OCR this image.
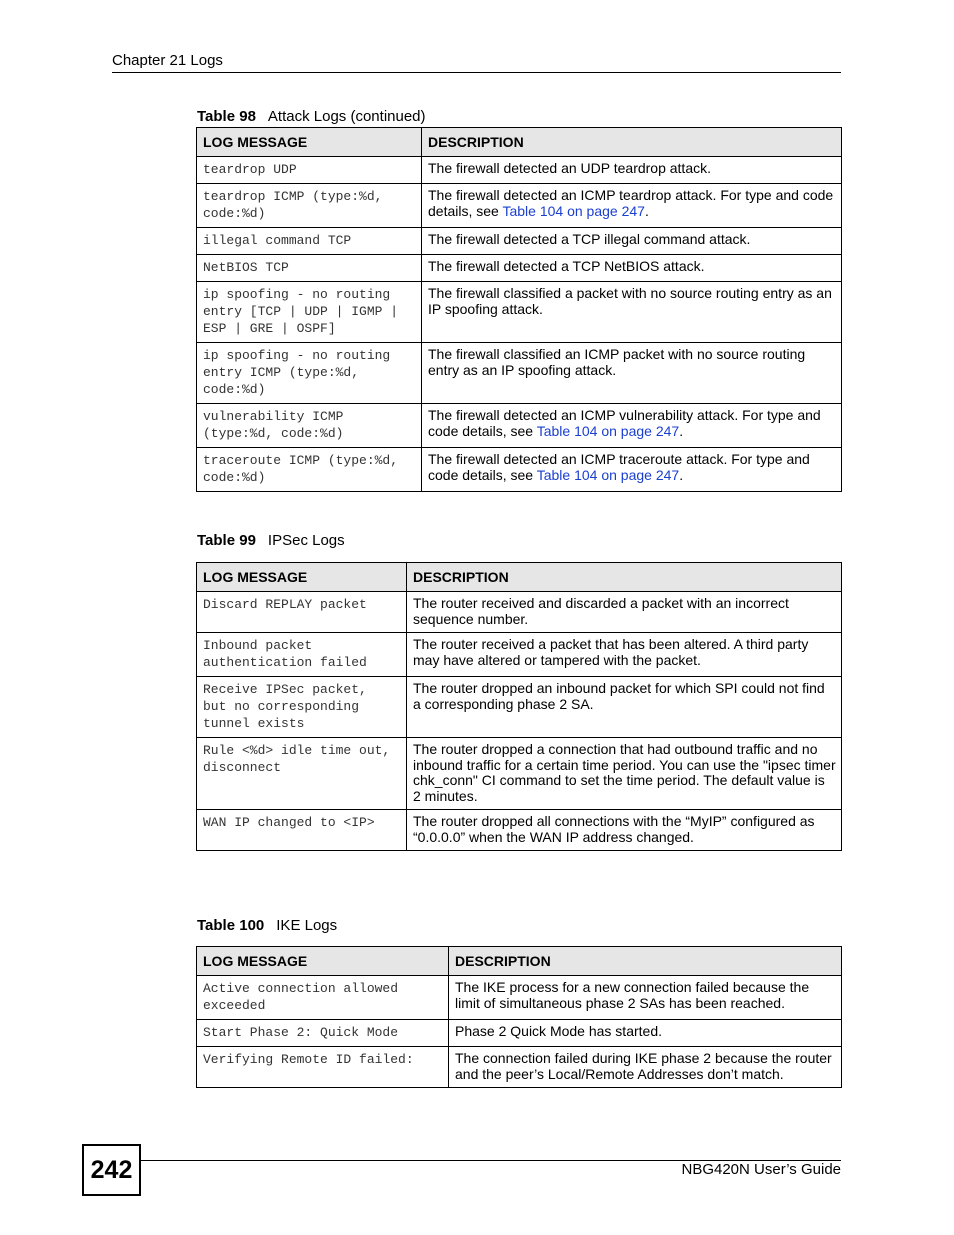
Chapter 21 Logs
Table 98 Attack Logs (continued)
LOG MESSAGE	DESCRIPTION

teardrop UDP	The firewall detected an UDP teardrop attack.

teardrop ICMP (type:%d,
code:%d)	The firewall detected an ICMP teardrop attack. For type and code details, see Table 104 on page 247.

illegal command TCP	The firewall detected a TCP illegal command attack.

NetBIOS TCP	The firewall detected a TCP NetBIOS attack.

ip spoofing - no routing
entry [TCP | UDP | IGMP |
ESP | GRE | OSPF]	The firewall classified a packet with no source routing entry as an IP spoofing attack.

ip spoofing - no routing
entry ICMP (type:%d,
code:%d)	The firewall classified an ICMP packet with no source routing entry as an IP spoofing attack.

vulnerability ICMP
(type:%d, code:%d)	The firewall detected an ICMP vulnerability attack. For type and code details, see Table 104 on page 247.

traceroute ICMP (type:%d,
code:%d)	The firewall detected an ICMP traceroute attack. For type and code details, see Table 104 on page 247.
Table 99 IPSec Logs
LOG MESSAGE	DESCRIPTION

Discard REPLAY packet	The router received and discarded a packet with an incorrect sequence number.

Inbound packet
authentication failed	The router received a packet that has been altered. A third party may have altered or tampered with the packet.

Receive IPSec packet,
but no corresponding
tunnel exists	The router dropped an inbound packet for which SPI could not find a corresponding phase 2 SA.

Rule <%d> idle time out,
disconnect	The router dropped a connection that had outbound traffic and no inbound traffic for a certain time period. You can use the "ipsec timer chk_conn" CI command to set the time period. The default value is 2 minutes.

WAN IP changed to <IP>	The router dropped all connections with the “MyIP” configured as “0.0.0.0” when the WAN IP address changed.
Table 100 IKE Logs
LOG MESSAGE	DESCRIPTION

Active connection allowed
exceeded	The IKE process for a new connection failed because the limit of simultaneous phase 2 SAs has been reached.

Start Phase 2: Quick Mode	Phase 2 Quick Mode has started.

Verifying Remote ID failed:	The connection failed during IKE phase 2 because the router and the peer’s Local/Remote Addresses don’t match.
242	NBG420N User’s Guide
